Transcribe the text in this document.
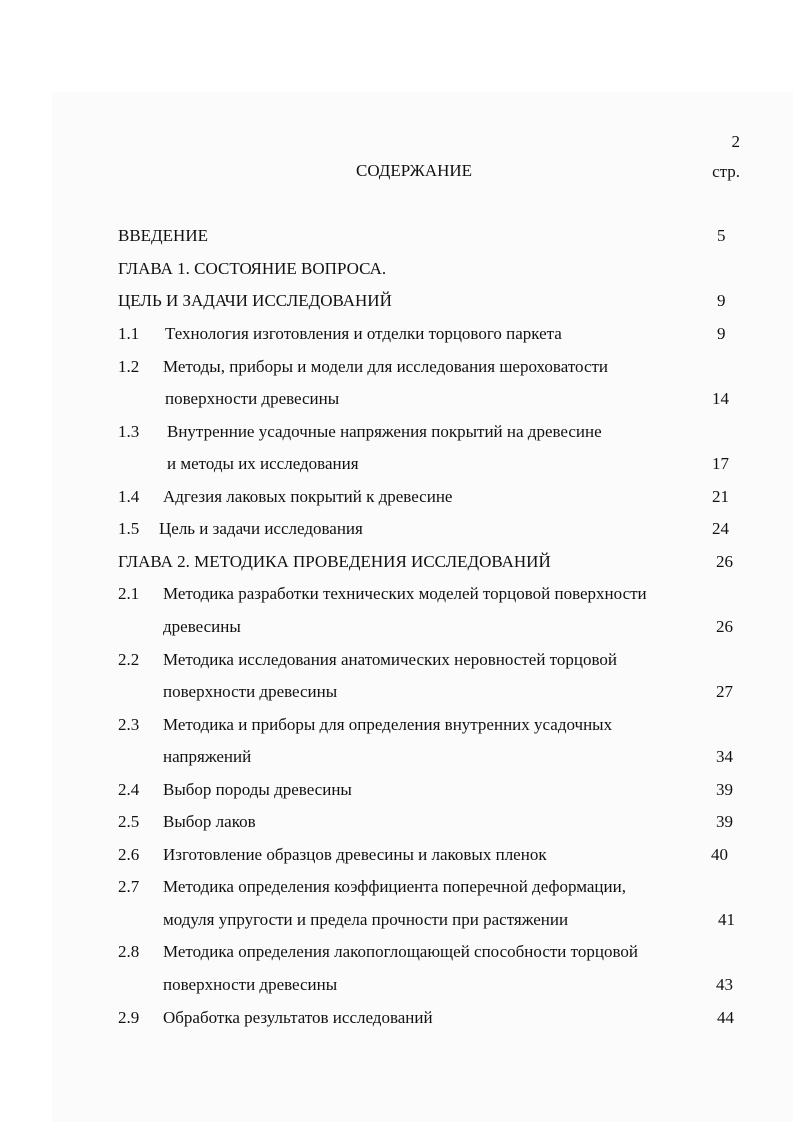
2
СОДЕРЖАНИЕ	стр.
ВВЕДЕНИЕ	5
ГЛАВА 1. СОСТОЯНИЕ ВОПРОСА.
ЦЕЛЬ И ЗАДАЧИ ИССЛЕДОВАНИЙ	9
1.1 Технология изготовления и отделки торцового паркета	9
1.2 Методы, приборы и модели для исследования шероховатости
поверхности древесины	14
1.3 Внутренние усадочные напряжения покрытий на древесине
и методы их исследования	17
1.4 Адгезия лаковых покрытий к древесине	21
1.5 Цель и задачи исследования	24
ГЛАВА 2. МЕТОДИКА ПРОВЕДЕНИЯ ИССЛЕДОВАНИЙ	26
2.1 Методика разработки технических моделей торцовой поверхности
древесины	26
2.2 Методика исследования анатомических неровностей торцовой
поверхности древесины	27
2.3 Методика и приборы для определения внутренних усадочных
напряжений	34
2.4 Выбор породы древесины	39
2.5 Выбор лаков	39
2.6 Изготовление образцов древесины и лаковых пленок	40
2.7 Методика определения коэффициента поперечной деформации,
модуля упругости и предела прочности при растяжении	41
2.8 Методика определения лакопоглощающей способности торцовой
поверхности древесины	43
2.9 Обработка результатов исследований	44
